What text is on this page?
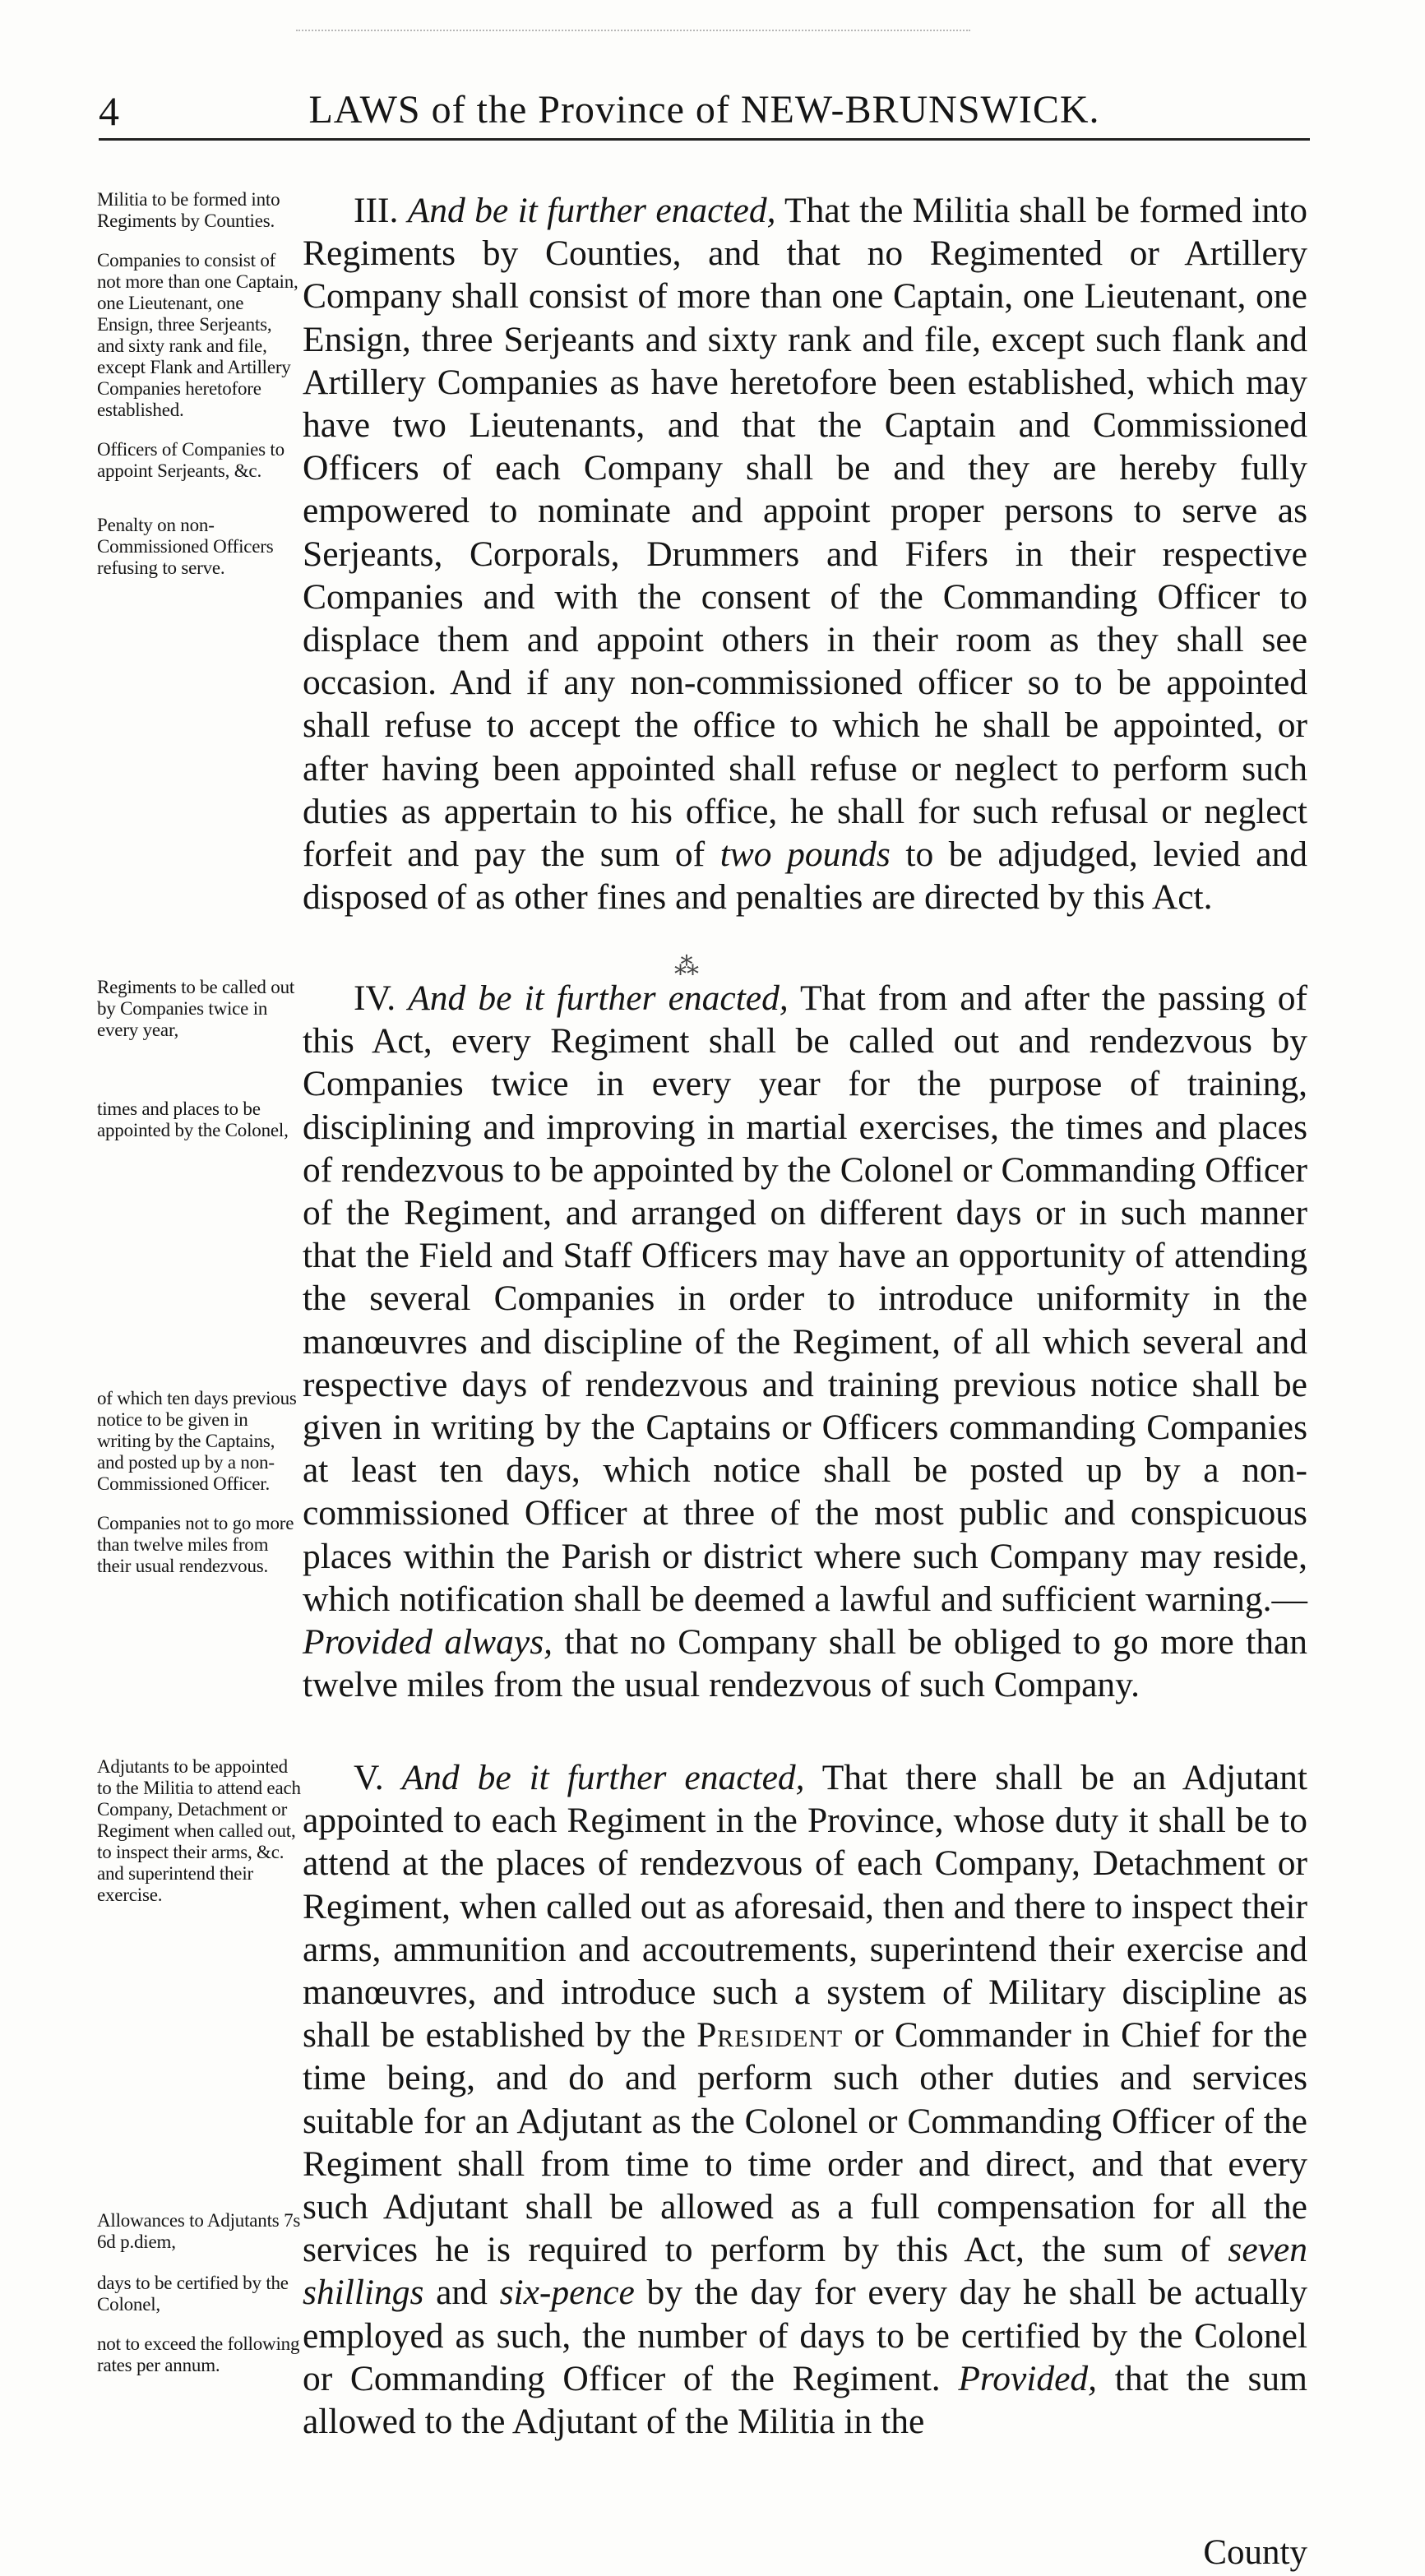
4	LAWS of the Province of NEW-BRUNSWICK.

Militia to be formed into Regiments by Counties.

Companies to consist of not more than one Captain, one Lieutenant, one Ensign, three Serjeants, and sixty rank and file, except Flank and Artillery Companies heretofore established.

Officers of Companies to appoint Serjeants, &c.

Penalty on non-Commissioned Officers refusing to serve.

III. And be it further enacted, That the Militia shall be formed into Regiments by Counties, and that no Regimented or Artillery Company shall consist of more than one Captain, one Lieutenant, one Ensign, three Serjeants and sixty rank and file, except such flank and Artillery Companies as have heretofore been established, which may have two Lieutenants, and that the Captain and Commissioned Officers of each Company shall be and they are hereby fully empowered to nominate and appoint proper persons to serve as Serjeants, Corporals, Drummers and Fifers in their respective Companies and with the consent of the Commanding Officer to displace them and appoint others in their room as they shall see occasion. And if any non-commissioned officer so to be appointed shall refuse to accept the office to which he shall be appointed, or after having been appointed shall refuse or neglect to perform such duties as appertain to his office, he shall for such refusal or neglect forfeit and pay the sum of two pounds to be adjudged, levied and disposed of as other fines and penalties are directed by this Act.

⁂

Regiments to be called out by Companies twice in every year,

times and places to be appointed by the Colonel,

of which ten days previous notice to be given in writing by the Captains, and posted up by a non-Commissioned Officer.

Companies not to go more than twelve miles from their usual rendezvous.

IV. And be it further enacted, That from and after the passing of this Act, every Regiment shall be called out and rendezvous by Companies twice in every year for the purpose of training, disciplining and improving in martial exercises, the times and places of rendezvous to be appointed by the Colonel or Commanding Officer of the Regiment, and arranged on different days or in such manner that the Field and Staff Officers may have an opportunity of attending the several Companies in order to introduce uniformity in the manœuvres and discipline of the Regiment, of all which several and respective days of rendezvous and training previous notice shall be given in writing by the Captains or Officers commanding Companies at least ten days, which notice shall be posted up by a non-commissioned Officer at three of the most public and conspicuous places within the Parish or district where such Company may reside, which notification shall be deemed a lawful and sufficient warning.— Provided always, that no Company shall be obliged to go more than twelve miles from the usual rendezvous of such Company.

Adjutants to be appointed to the Militia to attend each Company, Detachment or Regiment when called out, to inspect their arms, &c. and superintend their exercise.

Allowances to Adjutants 7s 6d p.diem,

days to be certified by the Colonel,

not to exceed the following rates per annum.

V. And be it further enacted, That there shall be an Adjutant appointed to each Regiment in the Province, whose duty it shall be to attend at the places of rendezvous of each Company, Detachment or Regiment, when called out as aforesaid, then and there to inspect their arms, ammunition and accoutrements, superintend their exercise and manœuvres, and introduce such a system of Military discipline as shall be established by the President or Commander in Chief for the time being, and do and perform such other duties and services suitable for an Adjutant as the Colonel or Commanding Officer of the Regiment shall from time to time order and direct, and that every such Adjutant shall be allowed as a full compensation for all the services he is required to perform by this Act, the sum of seven shillings and six-pence by the day for every day he shall be actually employed as such, the number of days to be certified by the Colonel or Commanding Officer of the Regiment. Provided, that the sum allowed to the Adjutant of the Militia in the

County
